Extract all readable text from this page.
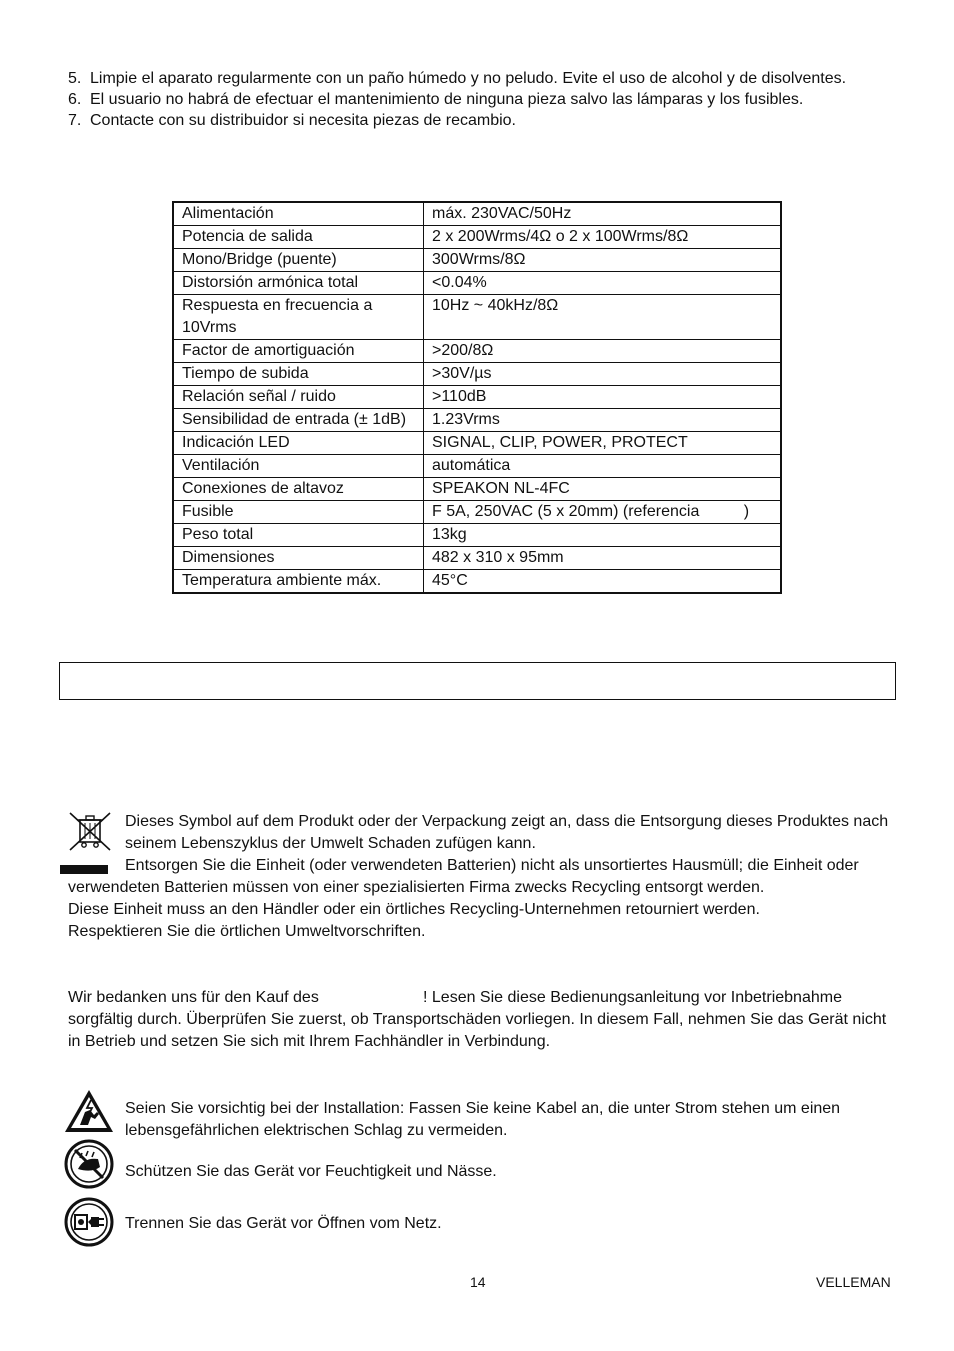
5. Limpie el aparato regularmente con un paño húmedo y no peludo. Evite el uso de alcohol y de disolventes.
6. El usuario no habrá de efectuar el mantenimiento de ninguna pieza salvo las lámparas y los fusibles.
7. Contacte con su distribuidor si necesita piezas de recambio.
Alimentación	máx. 230VAC/50Hz
Potencia de salida	2 x 200Wrms/4Ω o 2 x 100Wrms/8Ω
Mono/Bridge (puente)	300Wrms/8Ω
Distorsión armónica total	<0.04%
Respuesta en frecuencia a 10Vrms	10Hz ~ 40kHz/8Ω
Factor de amortiguación	>200/8Ω
Tiempo de subida	>30V/µs
Relación señal / ruido	>110dB
Sensibilidad de entrada (± 1dB)	1.23Vrms
Indicación LED	SIGNAL, CLIP, POWER, PROTECT
Ventilación	automática
Conexiones de altavoz	SPEAKON NL-4FC
Fusible	F 5A, 250VAC (5 x 20mm) (referencia          )
Peso total	13kg
Dimensiones	482 x 310 x 95mm
Temperatura ambiente máx.	45°C
Dieses Symbol auf dem Produkt oder der Verpackung zeigt an, dass die Entsorgung dieses Produktes nach
seinem Lebenszyklus der Umwelt Schaden zufügen kann.
Entsorgen Sie die Einheit (oder verwendeten Batterien) nicht als unsortiertes Hausmüll; die Einheit oder
verwendeten Batterien müssen von einer spezialisierten Firma zwecks Recycling entsorgt werden.
Diese Einheit muss an den Händler oder ein örtliches Recycling-Unternehmen retourniert werden.
Respektieren Sie die örtlichen Umweltvorschriften.
Wir bedanken uns für den Kauf des	! Lesen Sie diese Bedienungsanleitung vor Inbetriebnahme
sorgfältig durch. Überprüfen Sie zuerst, ob Transportschäden vorliegen. In diesem Fall, nehmen Sie das Gerät nicht
in Betrieb und setzen Sie sich mit Ihrem Fachhändler in Verbindung.
Seien Sie vorsichtig bei der Installation: Fassen Sie keine Kabel an, die unter Strom stehen um einen
lebensgefährlichen elektrischen Schlag zu vermeiden.
Schützen Sie das Gerät vor Feuchtigkeit und Nässe.
Trennen Sie das Gerät vor Öffnen vom Netz.
14	VELLEMAN
